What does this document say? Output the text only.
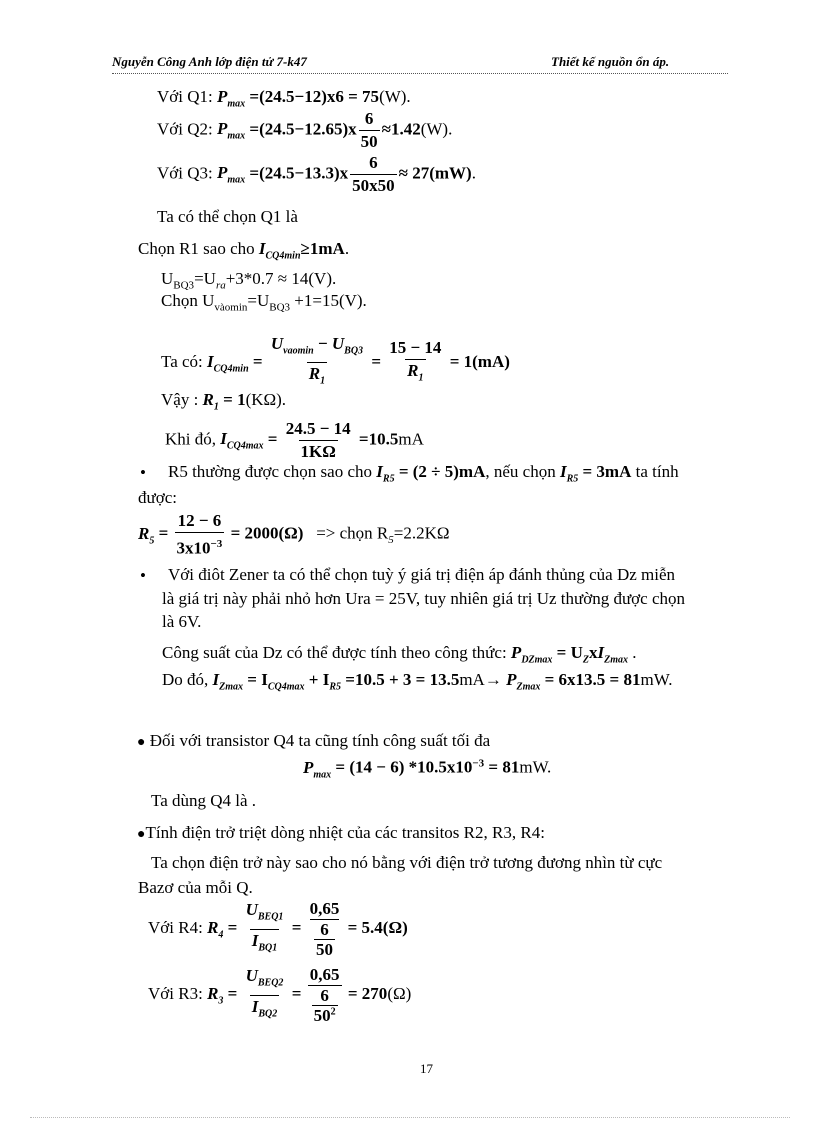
Nguyễn Công Anh lớp điện tử 7-k47	Thiết kế nguồn ổn áp.
Với Q1: $P_{max} =(24.5-12)x6 = 75(W)$.
Với Q2: $P_{max} =(24.5-12.65)x \frac{6}{50} \approx 1.42(W)$.
Với Q3: $P_{max} =(24.5-13.3)x \frac{6}{50x50} \approx 27(mW)$.
Ta có thể chọn Q1 là
Chọn R1 sao cho $I_{CQ4min}\ge 1mA$.
$U_{BQ3}=U_{ra}+3*0.7 \approx 14(V)$.
Chọn $U_{vàomin}=U_{BQ3} +1=15(V)$.
Ta có: $I_{CQ4min}$ =
$U_{vaomin} - U_{BQ3}$
$R_1$
= $\frac{15 - 14}{R_1} = 1(mA)$
Vậy : $R_1 = 1(K\Omega)$.
Khi đó, $I_{CQ4max} = \frac{24.5 - 14}{1K\Omega} =10.5mA$
• R5 thường được chọn sao cho $I_{R5} = (2 \div 5)mA$, nếu chọn $I_{R5} = 3mA$ ta tính
được:
$R_5 = \frac{12 - 6}{3x10^{-3}} = 2000(\Omega)$ => chọn $R_5=2.2K\Omega$
• Với điôt Zener ta có thể chọn tuỳ ý giá trị điện áp đánh thủng của Dz miễn
là giá trị này phải nhỏ hơn Ura = 25V, tuy nhiên giá trị Uz thường được chọn
là 6V.
Công suất của Dz có thể được tính theo công thức: $P_{DZmax} = U_ZxI_{Zmax}$ .
Do đó, $I_{Zmax} = I_{CQ4max} + I_{R5} =10.5 + 3 = 13.5mA\to P_{Zmax} = 6x13.5 = 81mW$.
● Đối với transistor Q4 ta cũng tính công suất tối đa
$P_{max} = (14 - 6) *10.5x10^{-3} = 81mW$.
Ta dùng Q4 là .
●Tính điện trở triệt dòng nhiệt của các transitos R2, R3, R4:
Ta chọn điện trở này sao cho nó bằng với điện trở tương đương nhìn từ cực
Bazơ của mỗi Q.
Với R4: $R_4$ =
$U_{BEQ1}$
$I_{BQ1}$
= $\frac{0,65}{\frac{6}{50}} = 5.4(\Omega)$
Với R3: $R_3$ =
$U_{BEQ2}$
$I_{BQ2}$
= $\frac{0,65}{\frac{6}{50^2}} = 270(\Omega)$
17
